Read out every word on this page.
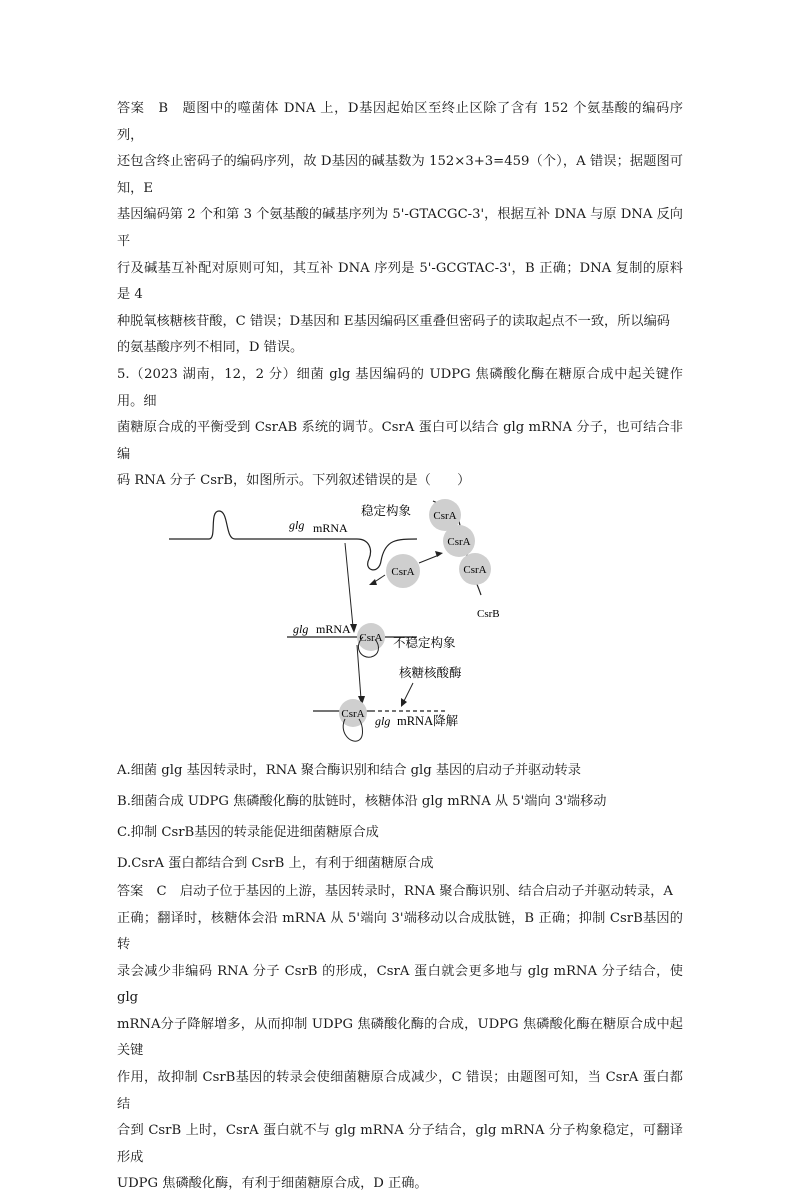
答案　B　题图中的噬菌体 DNA 上，D基因起始区至终止区除了含有 152 个氨基酸的编码序列，

还包含终止密码子的编码序列，故 D基因的碱基数为 152×3+3=459（个），A 错误；据题图可知，E

基因编码第 2 个和第 3 个氨基酸的碱基序列为 5'-GTACGC-3'，根据互补 DNA 与原 DNA 反向平

行及碱基互补配对原则可知，其互补 DNA 序列是 5'-GCGTAC-3'，B 正确；DNA 复制的原料是 4

种脱氧核糖核苷酸，C 错误；D基因和 E基因编码区重叠但密码子的读取起点不一致，所以编码

的氨基酸序列不相同，D 错误。

5.（2023 湖南，12，2 分）细菌 glg 基因编码的 UDPG 焦磷酸化酶在糖原合成中起关键作用。细

菌糖原合成的平衡受到 CsrAB 系统的调节。CsrA 蛋白可以结合 glg mRNA 分子，也可结合非编

码 RNA 分子 CsrB，如图所示。下列叙述错误的是（　　）

glg mRNA
稳定构象 CsrA
CsrA
CsrA
CsrB
CsrA
CsrA
glg mRNA
不稳定构象
核糖核酸酶
CsrA glg mRNA降解

A.细菌 glg 基因转录时，RNA 聚合酶识别和结合 glg 基因的启动子并驱动转录

B.细菌合成 UDPG 焦磷酸化酶的肽链时，核糖体沿 glg mRNA 从 5'端向 3'端移动

C.抑制 CsrB基因的转录能促进细菌糖原合成

D.CsrA 蛋白都结合到 CsrB 上，有利于细菌糖原合成

答案　C　启动子位于基因的上游，基因转录时，RNA 聚合酶识别、结合启动子并驱动转录，A

正确；翻译时，核糖体会沿 mRNA 从 5'端向 3'端移动以合成肽链，B 正确；抑制 CsrB基因的转

录会减少非编码 RNA 分子 CsrB 的形成，CsrA 蛋白就会更多地与 glg mRNA 分子结合，使 glg

mRNA分子降解增多，从而抑制 UDPG 焦磷酸化酶的合成，UDPG 焦磷酸化酶在糖原合成中起关键

作用，故抑制 CsrB基因的转录会使细菌糖原合成减少，C 错误；由题图可知，当 CsrA 蛋白都结

合到 CsrB 上时，CsrA 蛋白就不与 glg mRNA 分子结合，glg mRNA 分子构象稳定，可翻译形成

UDPG 焦磷酸化酶，有利于细菌糖原合成，D 正确。
